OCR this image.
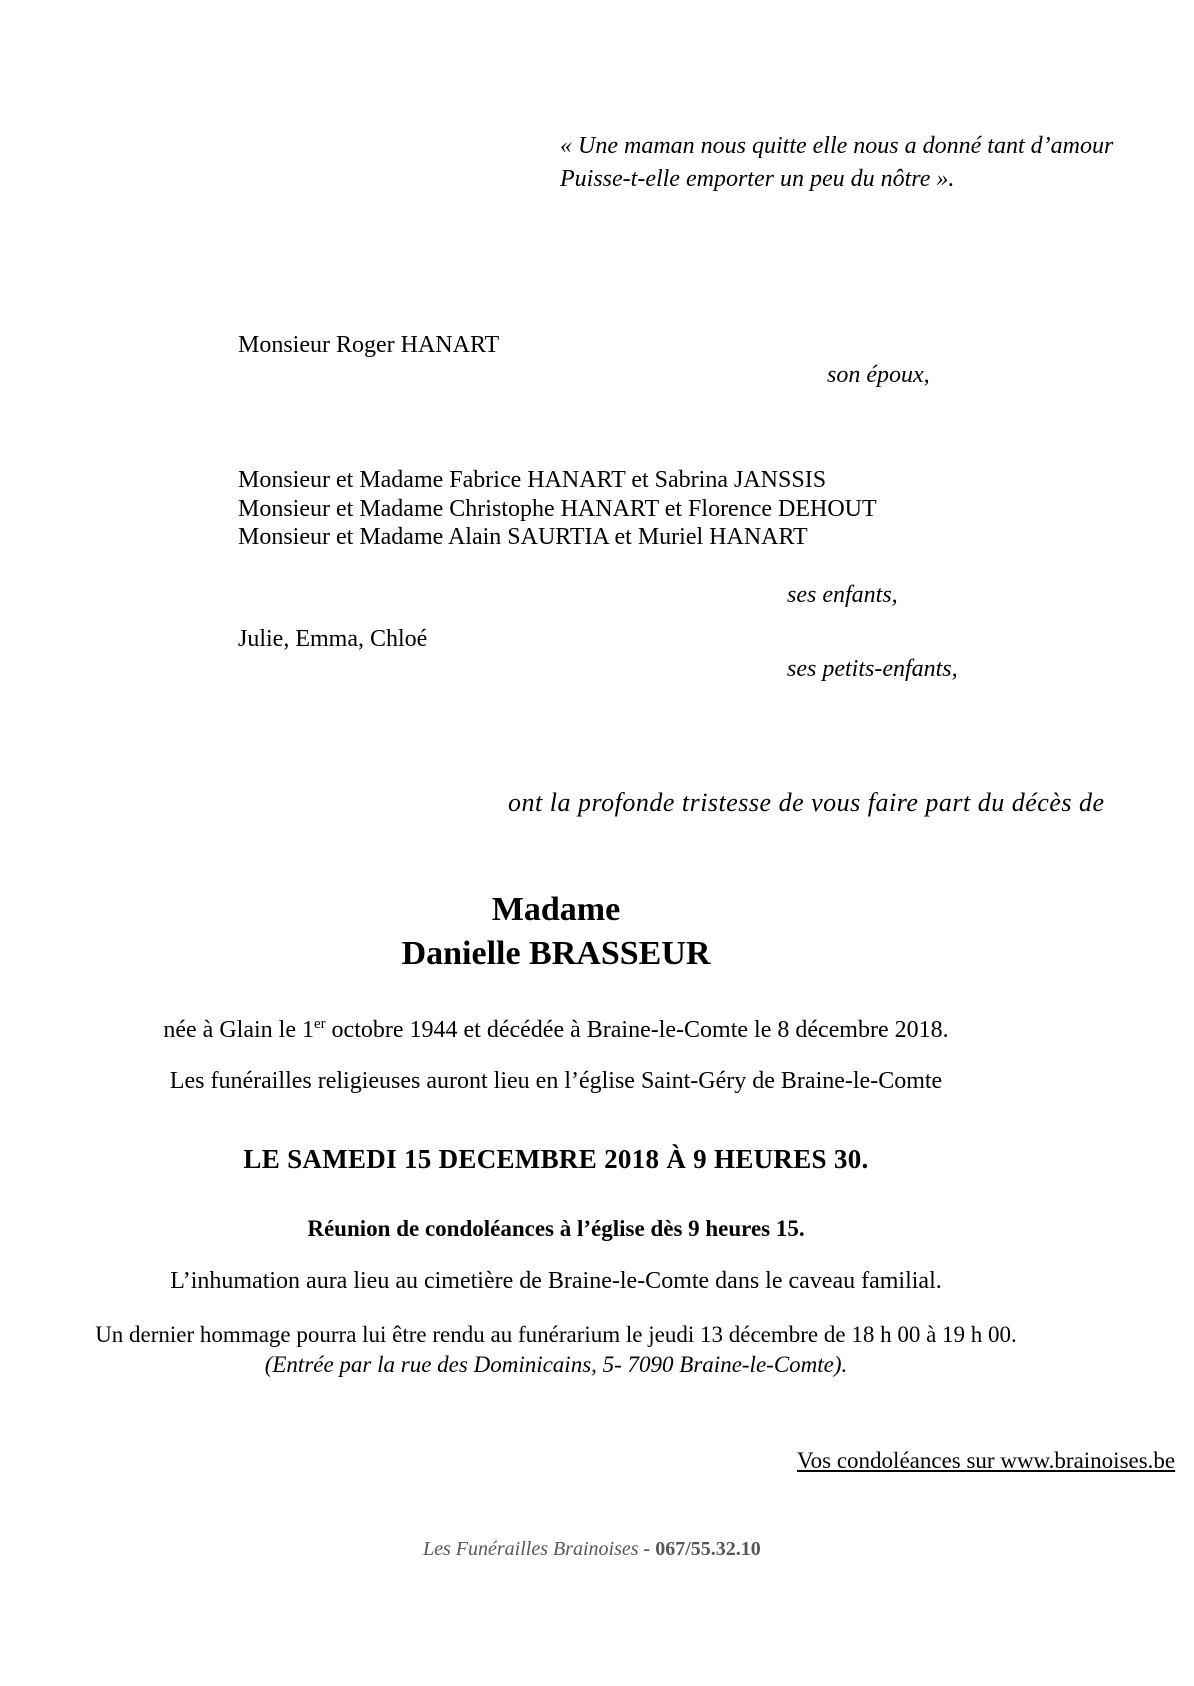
« Une maman nous quitte elle nous a donné tant d’amour
Puisse-t-elle emporter un peu du nôtre ».
Monsieur Roger HANART
son époux,
Monsieur et Madame Fabrice HANART et Sabrina JANSSIS
Monsieur et Madame Christophe HANART et Florence DEHOUT
Monsieur et Madame Alain SAURTIA et Muriel HANART
ses enfants,
Julie, Emma, Chloé
ses petits-enfants,
ont la profonde tristesse de vous faire part du décès de
Madame
Danielle BRASSEUR
née à Glain le 1er octobre 1944 et décédée à Braine-le-Comte le 8 décembre 2018.
Les funérailles religieuses auront lieu en l’église Saint-Géry de Braine-le-Comte
LE SAMEDI 15 DECEMBRE 2018 À 9 HEURES 30.
Réunion de condoléances à l’église dès 9 heures 15.
L’inhumation aura lieu au cimetière de Braine-le-Comte dans le caveau familial.
Un dernier hommage pourra lui être rendu au funérarium le jeudi 13 décembre de 18 h 00 à 19 h 00.
(Entrée par la rue des Dominicains, 5- 7090 Braine-le-Comte).
Vos condoléances sur www.brainoises.be
Les Funérailles Brainoises - 067/55.32.10
